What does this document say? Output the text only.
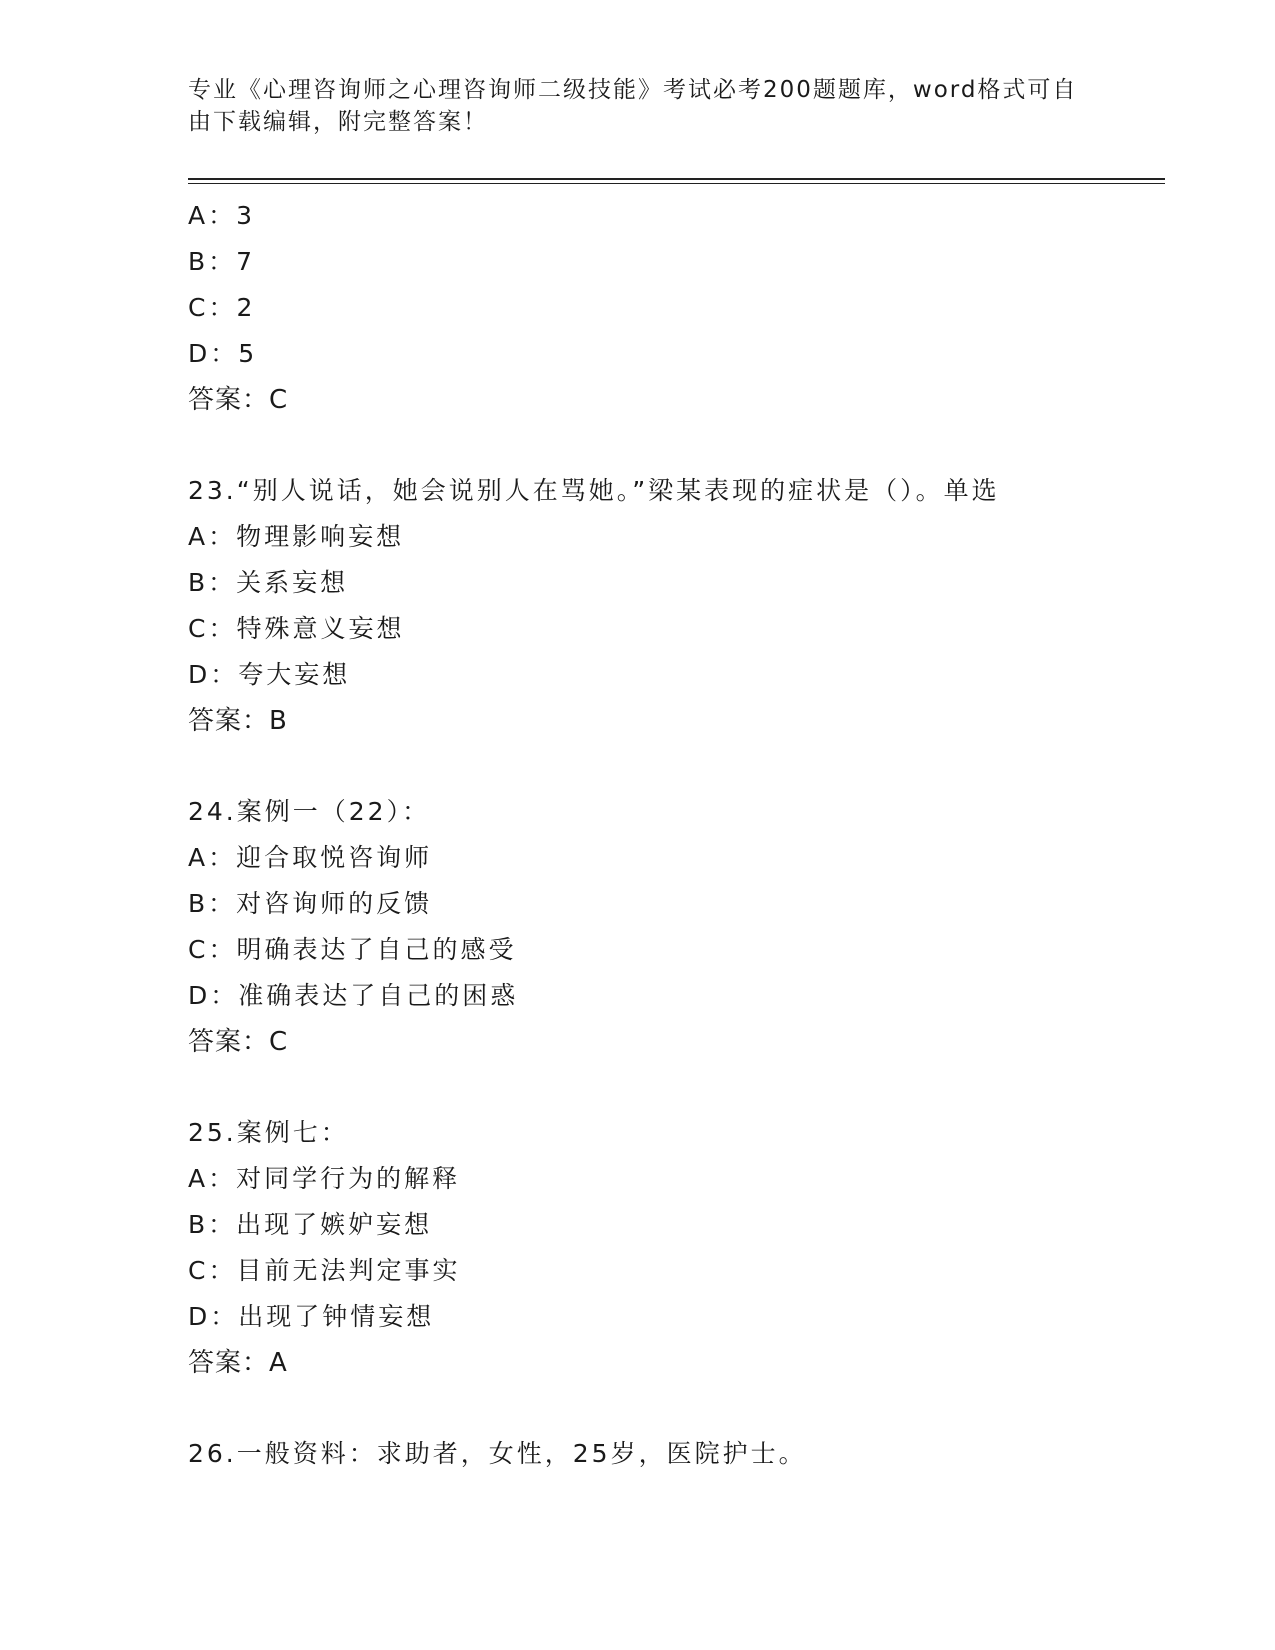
专业《心理咨询师之心理咨询师二级技能》考试必考200题题库，word格式可自
由下载编辑，附完整答案！
A：3
B：7
C：2
D：5
答案：C
23.“别人说话，她会说别人在骂她。”梁某表现的症状是（）。单选
A：物理影响妄想
B：关系妄想
C：特殊意义妄想
D：夸大妄想
答案：B
24.案例一（22）：
A：迎合取悦咨询师
B：对咨询师的反馈
C：明确表达了自己的感受
D：准确表达了自己的困惑
答案：C
25.案例七：
A：对同学行为的解释
B：出现了嫉妒妄想
C：目前无法判定事实
D：出现了钟情妄想
答案：A
26.一般资料：求助者，女性，25岁，医院护士。
